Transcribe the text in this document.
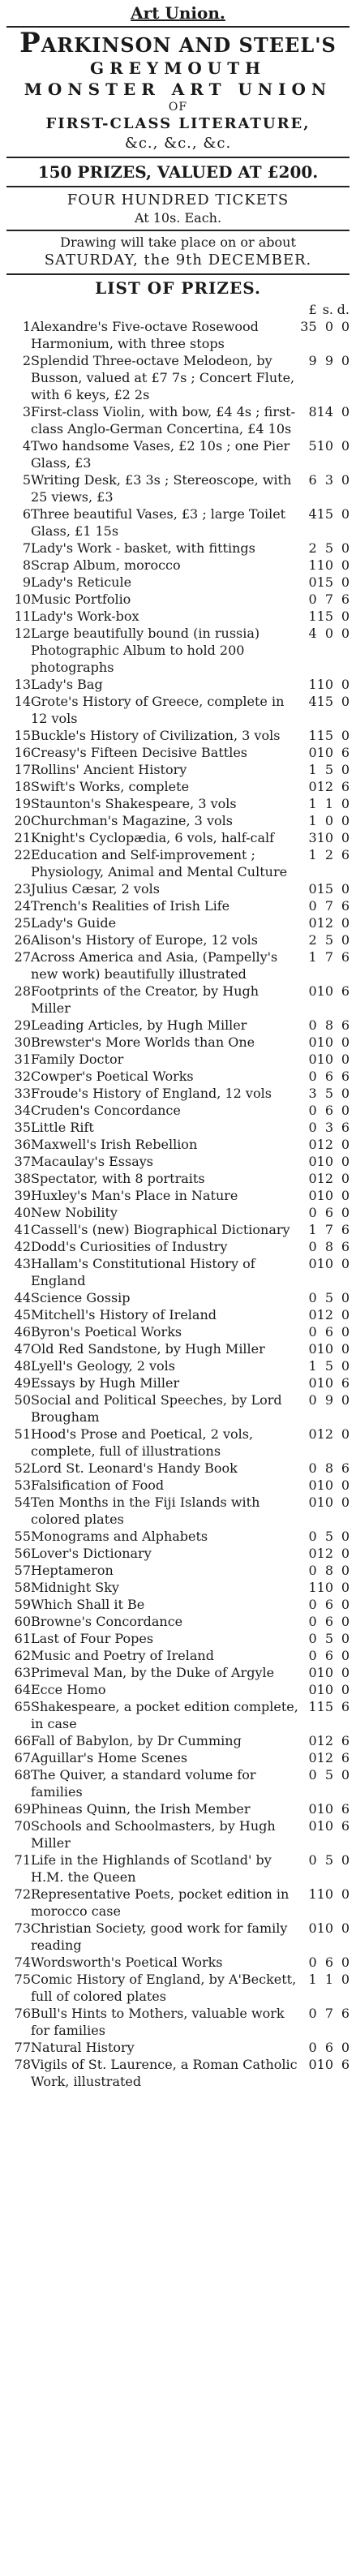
Art Union.
PARKINSON AND STEEL'S
GREYMOUTH
MONSTER ART UNION
OF
FIRST-CLASS LITERATURE,
&c., &c., &c.
150 PRIZES, VALUED AT £200.
FOUR HUNDRED TICKETS
At 10s. Each.
Drawing will take place on or about
SATURDAY, the 9th DECEMBER.
LIST OF PRIZES.
		£	s.	d.
1	Alexandre's Five-octave Rosewood Harmonium, with three stops	35	0	0
2	Splendid Three-octave Melodeon, by Busson, valued at £7 7s ; Concert Flute, with 6 keys, £2 2s	9	9	0
3	First-class Violin, with bow, £4 4s ; first-class Anglo-German Concertina, £4 10s	8	14	0
4	Two handsome Vases, £2 10s ; one Pier Glass, £3	5	10	0
5	Writing Desk, £3 3s ; Stereoscope, with 25 views, £3	6	3	0
6	Three beautiful Vases, £3 ; large Toilet Glass, £1 15s	4	15	0
7	Lady's Work - basket, with fittings	2	5	0
8	Scrap Album, morocco	1	10	0
9	Lady's Reticule	0	15	0
10	Music Portfolio	0	7	6
11	Lady's Work-box	1	15	0
12	Large beautifully bound (in russia) Photographic Album to hold 200 photographs	4	0	0
13	Lady's Bag	1	10	0
14	Grote's History of Greece, complete in 12 vols	4	15	0
15	Buckle's History of Civilization, 3 vols	1	15	0
16	Creasy's Fifteen Decisive Battles	0	10	6
17	Rollins' Ancient History	1	5	0
18	Swift's Works, complete	0	12	6
19	Staunton's Shakespeare, 3 vols	1	1	0
20	Churchman's Magazine, 3 vols	1	0	0
21	Knight's Cyclopædia, 6 vols, half-calf	3	10	0
22	Education and Self-improvement ; Physiology, Animal and Mental Culture	1	2	6
23	Julius Cæsar, 2 vols	0	15	0
24	Trench's Realities of Irish Life	0	7	6
25	Lady's Guide	0	12	0
26	Alison's History of Europe, 12 vols	2	5	0
27	Across America and Asia, (Pampelly's new work) beautifully illustrated	1	7	6
28	Footprints of the Creator, by Hugh Miller	0	10	6
29	Leading Articles, by Hugh Miller	0	8	6
30	Brewster's More Worlds than One	0	10	0
31	Family Doctor	0	10	0
32	Cowper's Poetical Works	0	6	6
33	Froude's History of England, 12 vols	3	5	0
34	Cruden's Concordance	0	6	0
35	Little Rift	0	3	6
36	Maxwell's Irish Rebellion	0	12	0
37	Macaulay's Essays	0	10	0
38	Spectator, with 8 portraits	0	12	0
39	Huxley's Man's Place in Nature	0	10	0
40	New Nobility	0	6	0
41	Cassell's (new) Biographical Dictionary	1	7	6
42	Dodd's Curiosities of Industry	0	8	6
43	Hallam's Constitutional History of England	0	10	0
44	Science Gossip	0	5	0
45	Mitchell's History of Ireland	0	12	0
46	Byron's Poetical Works	0	6	0
47	Old Red Sandstone, by Hugh Miller	0	10	0
48	Lyell's Geology, 2 vols	1	5	0
49	Essays by Hugh Miller	0	10	6
50	Social and Political Speeches, by Lord Brougham	0	9	0
51	Hood's Prose and Poetical, 2 vols, complete, full of illustrations	0	12	0
52	Lord St. Leonard's Handy Book	0	8	6
53	Falsification of Food	0	10	0
54	Ten Months in the Fiji Islands with colored plates	0	10	0
55	Monograms and Alphabets	0	5	0
56	Lover's Dictionary	0	12	0
57	Heptameron	0	8	0
58	Midnight Sky	1	10	0
59	Which Shall it Be	0	6	0
60	Browne's Concordance	0	6	0
61	Last of Four Popes	0	5	0
62	Music and Poetry of Ireland	0	6	0
63	Primeval Man, by the Duke of Argyle	0	10	0
64	Ecce Homo	0	10	0
65	Shakespeare, a pocket edition complete, in case	1	15	6
66	Fall of Babylon, by Dr Cumming	0	12	6
67	Aguillar's Home Scenes	0	12	6
68	The Quiver, a standard volume for families	0	5	0
69	Phineas Quinn, the Irish Member	0	10	6
70	Schools and Schoolmasters, by Hugh Miller	0	10	6
71	Life in the Highlands of Scotland' by H.M. the Queen	0	5	0
72	Representative Poets, pocket edition in morocco case	1	10	0
73	Christian Society, good work for family reading	0	10	0
74	Wordsworth's Poetical Works	0	6	0
75	Comic History of England, by A'Beckett, full of colored plates	1	1	0
76	Bull's Hints to Mothers, valuable work for families	0	7	6
77	Natural History	0	6	0
78	Vigils of St. Laurence, a Roman Catholic Work, illustrated	0	10	6
